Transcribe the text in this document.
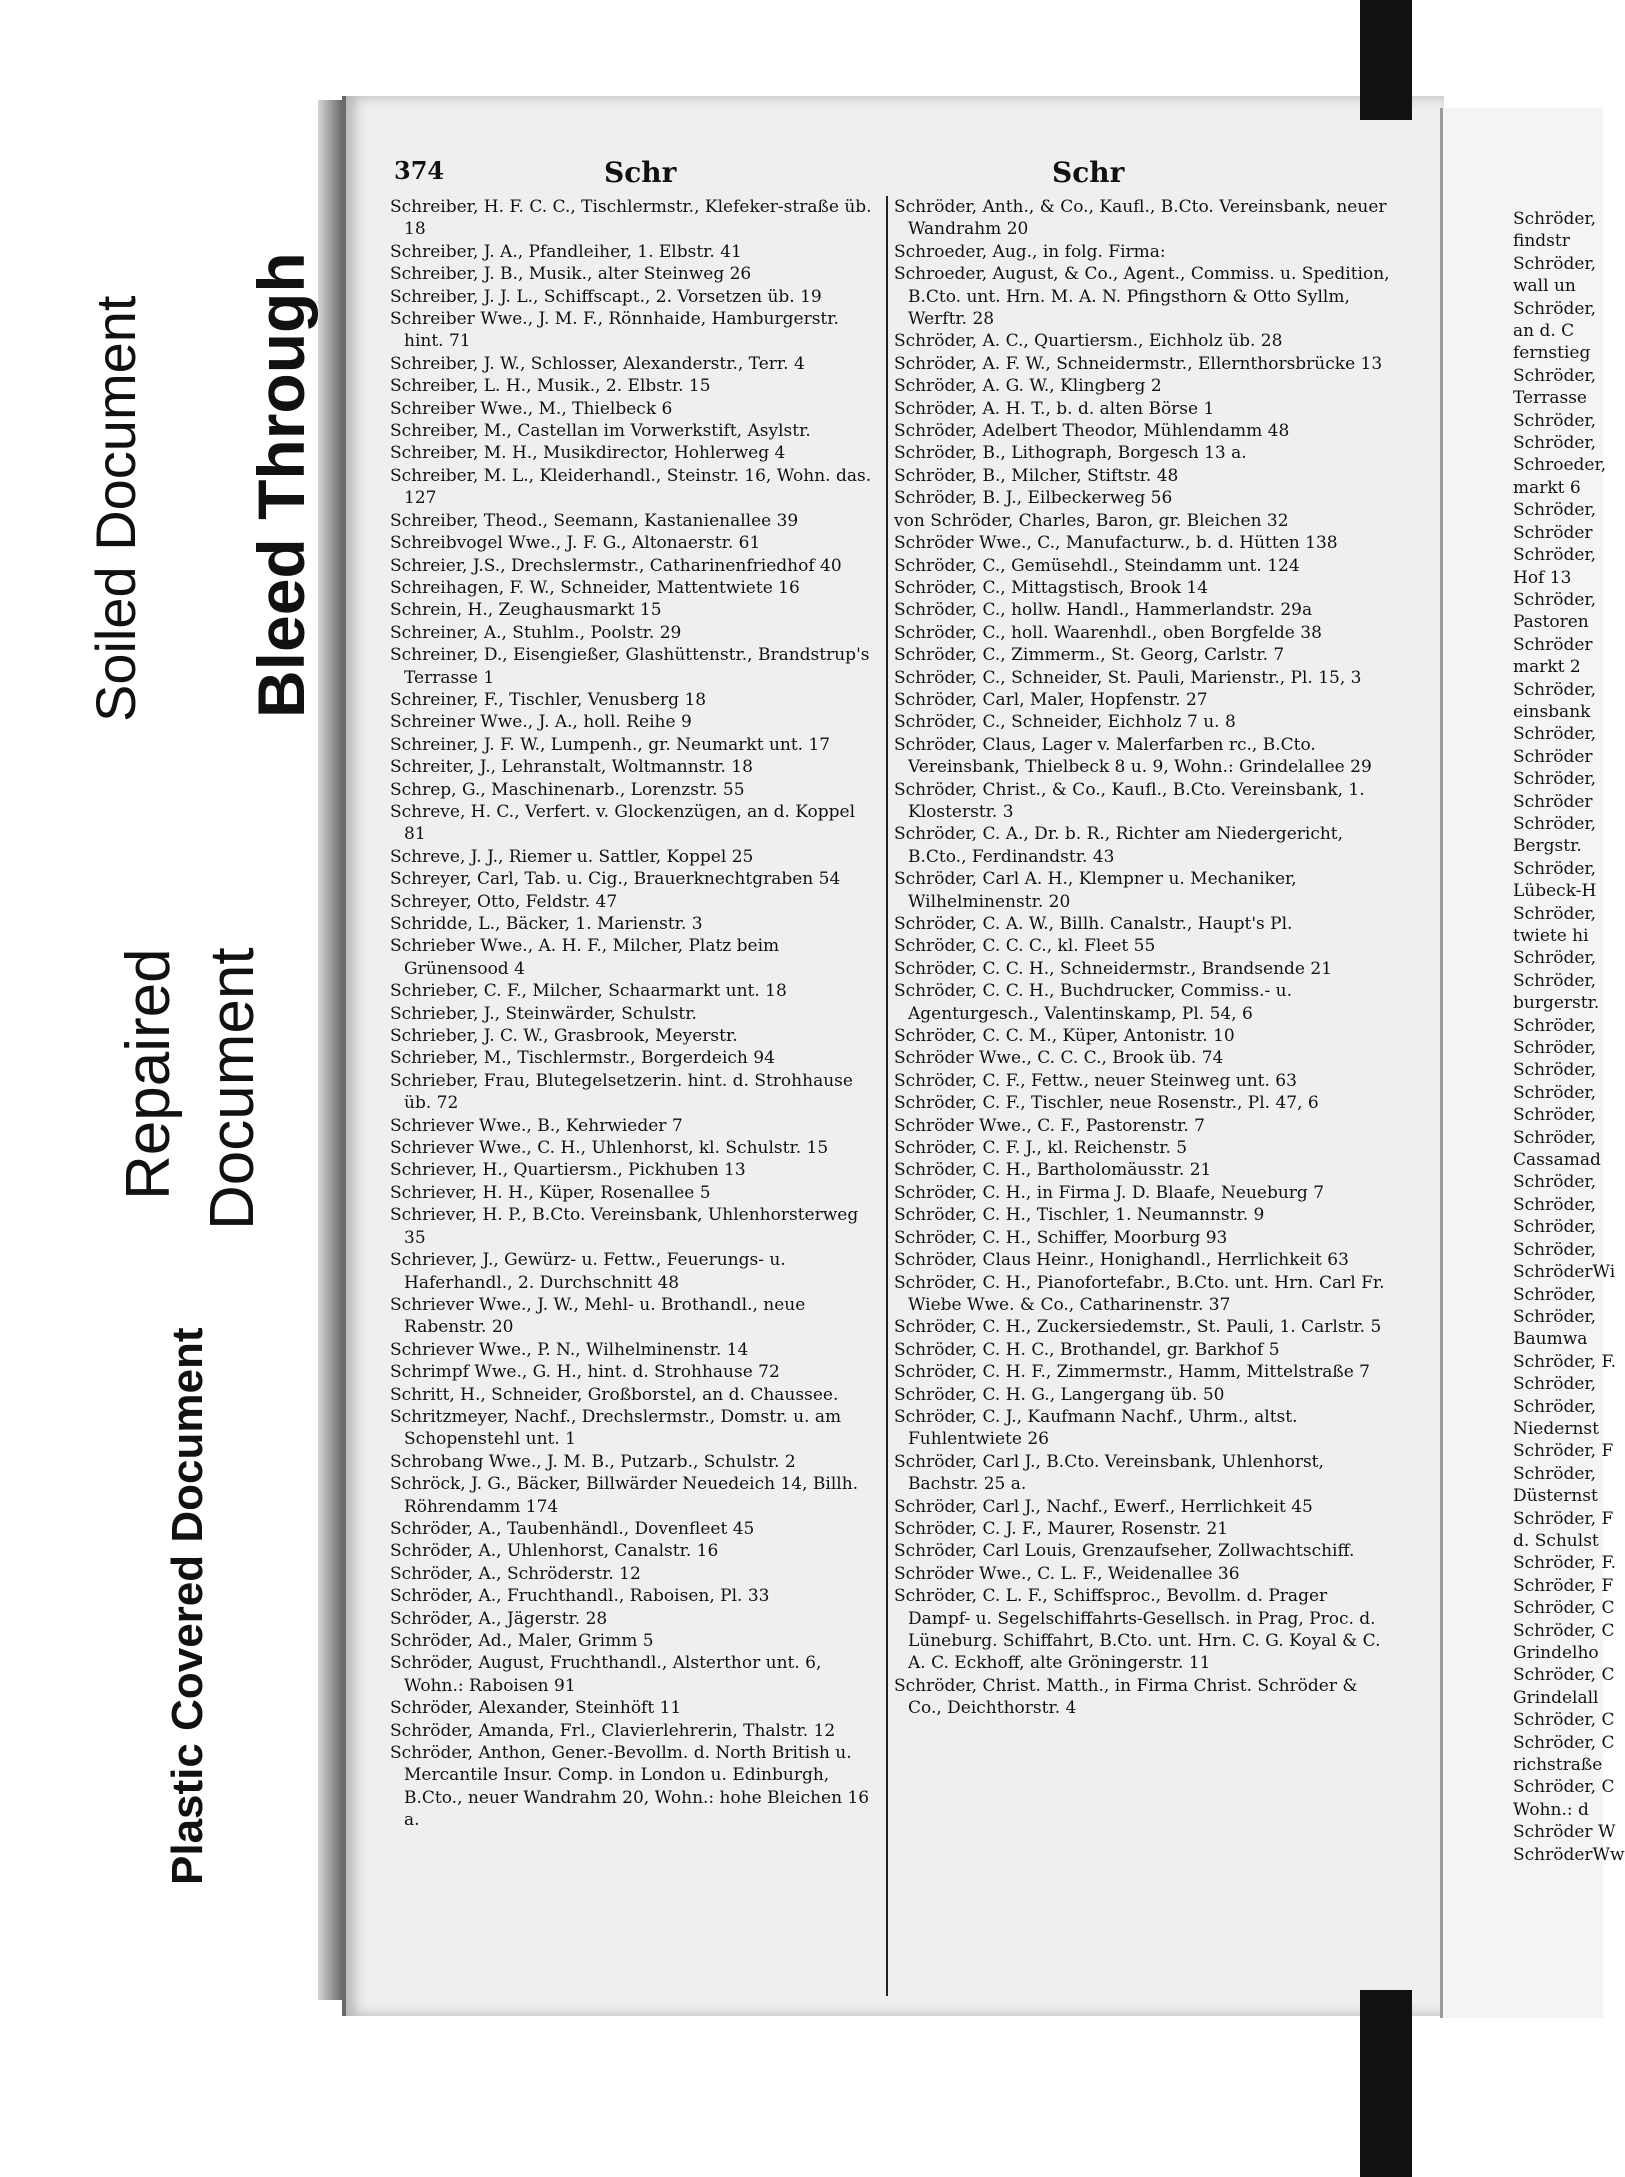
Soiled Document Bleed Through
Repaired Document
Plastic Covered Document
374	Schr	Schr

Schreiber, H. F. C. C., Tischlermstr., Klefeker-straße üb. 18

Schreiber, J. A., Pfandleiher, 1. Elbstr. 41

Schreiber, J. B., Musik., alter Steinweg 26

Schreiber, J. J. L., Schiffscapt., 2. Vorsetzen üb. 19

Schreiber Wwe., J. M. F., Rönnhaide, Hamburgerstr. hint. 71

Schreiber, J. W., Schlosser, Alexanderstr., Terr. 4

Schreiber, L. H., Musik., 2. Elbstr. 15

Schreiber Wwe., M., Thielbeck 6

Schreiber, M., Castellan im Vorwerkstift, Asylstr.

Schreiber, M. H., Musikdirector, Hohlerweg 4

Schreiber, M. L., Kleiderhandl., Steinstr. 16, Wohn. das. 127

Schreiber, Theod., Seemann, Kastanienallee 39

Schreibvogel Wwe., J. F. G., Altonaerstr. 61

Schreier, J.S., Drechslermstr., Catharinenfriedhof 40

Schreihagen, F. W., Schneider, Mattentwiete 16

Schrein, H., Zeughausmarkt 15

Schreiner, A., Stuhlm., Poolstr. 29

Schreiner, D., Eisengießer, Glashüttenstr., Brandstrup's Terrasse 1

Schreiner, F., Tischler, Venusberg 18

Schreiner Wwe., J. A., holl. Reihe 9

Schreiner, J. F. W., Lumpenh., gr. Neumarkt unt. 17

Schreiter, J., Lehranstalt, Woltmannstr. 18

Schrep, G., Maschinenarb., Lorenzstr. 55

Schreve, H. C., Verfert. v. Glockenzügen, an d. Koppel 81

Schreve, J. J., Riemer u. Sattler, Koppel 25

Schreyer, Carl, Tab. u. Cig., Brauerknechtgraben 54

Schreyer, Otto, Feldstr. 47

Schridde, L., Bäcker, 1. Marienstr. 3

Schrieber Wwe., A. H. F., Milcher, Platz beim Grünensood 4

Schrieber, C. F., Milcher, Schaarmarkt unt. 18

Schrieber, J., Steinwärder, Schulstr.

Schrieber, J. C. W., Grasbrook, Meyerstr.

Schrieber, M., Tischlermstr., Borgerdeich 94

Schrieber, Frau, Blutegelsetzerin. hint. d. Strohhause üb. 72

Schriever Wwe., B., Kehrwieder 7

Schriever Wwe., C. H., Uhlenhorst, kl. Schulstr. 15

Schriever, H., Quartiersm., Pickhuben 13

Schriever, H. H., Küper, Rosenallee 5

Schriever, H. P., B.Cto. Vereinsbank, Uhlenhorsterweg 35

Schriever, J., Gewürz- u. Fettw., Feuerungs- u. Haferhandl., 2. Durchschnitt 48

Schriever Wwe., J. W., Mehl- u. Brothandl., neue Rabenstr. 20

Schriever Wwe., P. N., Wilhelminenstr. 14

Schrimpf Wwe., G. H., hint. d. Strohhause 72

Schritt, H., Schneider, Großborstel, an d. Chaussee.

Schritzmeyer, Nachf., Drechslermstr., Domstr. u. am Schopenstehl unt. 1

Schrobang Wwe., J. M. B., Putzarb., Schulstr. 2

Schröck, J. G., Bäcker, Billwärder Neuedeich 14, Billh. Röhrendamm 174

Schröder, A., Taubenhändl., Dovenfleet 45

Schröder, A., Uhlenhorst, Canalstr. 16

Schröder, A., Schröderstr. 12

Schröder, A., Fruchthandl., Raboisen, Pl. 33

Schröder, A., Jägerstr. 28

Schröder, Ad., Maler, Grimm 5

Schröder, August, Fruchthandl., Alsterthor unt. 6, Wohn.: Raboisen 91

Schröder, Alexander, Steinhöft 11

Schröder, Amanda, Frl., Clavierlehrerin, Thalstr. 12

Schröder, Anthon, Gener.-Bevollm. d. North British u. Mercantile Insur. Comp. in London u. Edinburgh, B.Cto., neuer Wandrahm 20, Wohn.: hohe Bleichen 16 a.

Schröder, Anth., & Co., Kaufl., B.Cto. Vereinsbank, neuer Wandrahm 20

Schroeder, Aug., in folg. Firma:

Schroeder, August, & Co., Agent., Commiss. u. Spedition, B.Cto. unt. Hrn. M. A. N. Pfingsthorn & Otto Syllm, Werftr. 28

Schröder, A. C., Quartiersm., Eichholz üb. 28

Schröder, A. F. W., Schneidermstr., Ellernthorsbrücke 13

Schröder, A. G. W., Klingberg 2

Schröder, A. H. T., b. d. alten Börse 1

Schröder, Adelbert Theodor, Mühlendamm 48

Schröder, B., Lithograph, Borgesch 13 a.

Schröder, B., Milcher, Stiftstr. 48

Schröder, B. J., Eilbeckerweg 56

von Schröder, Charles, Baron, gr. Bleichen 32

Schröder Wwe., C., Manufacturw., b. d. Hütten 138

Schröder, C., Gemüsehdl., Steindamm unt. 124

Schröder, C., Mittagstisch, Brook 14

Schröder, C., hollw. Handl., Hammerlandstr. 29a

Schröder, C., holl. Waarenhdl., oben Borgfelde 38

Schröder, C., Zimmerm., St. Georg, Carlstr. 7

Schröder, C., Schneider, St. Pauli, Marienstr., Pl. 15, 3

Schröder, Carl, Maler, Hopfenstr. 27

Schröder, C., Schneider, Eichholz 7 u. 8

Schröder, Claus, Lager v. Malerfarben rc., B.Cto. Vereinsbank, Thielbeck 8 u. 9, Wohn.: Grindelallee 29

Schröder, Christ., & Co., Kaufl., B.Cto. Vereinsbank, 1. Klosterstr. 3

Schröder, C. A., Dr. b. R., Richter am Niedergericht, B.Cto., Ferdinandstr. 43

Schröder, Carl A. H., Klempner u. Mechaniker, Wilhelminenstr. 20

Schröder, C. A. W., Billh. Canalstr., Haupt's Pl.

Schröder, C. C. C., kl. Fleet 55

Schröder, C. C. H., Schneidermstr., Brandsende 21

Schröder, C. C. H., Buchdrucker, Commiss.- u. Agenturgesch., Valentinskamp, Pl. 54, 6

Schröder, C. C. M., Küper, Antonistr. 10

Schröder Wwe., C. C. C., Brook üb. 74

Schröder, C. F., Fettw., neuer Steinweg unt. 63

Schröder, C. F., Tischler, neue Rosenstr., Pl. 47, 6

Schröder Wwe., C. F., Pastorenstr. 7

Schröder, C. F. J., kl. Reichenstr. 5

Schröder, C. H., Bartholomäusstr. 21

Schröder, C. H., in Firma J. D. Blaafe, Neueburg 7

Schröder, C. H., Tischler, 1. Neumannstr. 9

Schröder, C. H., Schiffer, Moorburg 93

Schröder, Claus Heinr., Honighandl., Herrlichkeit 63

Schröder, C. H., Pianofortefabr., B.Cto. unt. Hrn. Carl Fr. Wiebe Wwe. & Co., Catharinenstr. 37

Schröder, C. H., Zuckersiedemstr., St. Pauli, 1. Carlstr. 5

Schröder, C. H. C., Brothandel, gr. Barkhof 5

Schröder, C. H. F., Zimmermstr., Hamm, Mittelstraße 7

Schröder, C. H. G., Langergang üb. 50

Schröder, C. J., Kaufmann Nachf., Uhrm., altst. Fuhlentwiete 26

Schröder, Carl J., B.Cto. Vereinsbank, Uhlenhorst, Bachstr. 25 a.

Schröder, Carl J., Nachf., Ewerf., Herrlichkeit 45

Schröder, C. J. F., Maurer, Rosenstr. 21

Schröder, Carl Louis, Grenzaufseher, Zollwachtschiff.

Schröder Wwe., C. L. F., Weidenallee 36

Schröder, C. L. F., Schiffsproc., Bevollm. d. Prager Dampf- u. Segelschiffahrts-Gesellsch. in Prag, Proc. d. Lüneburg. Schiffahrt, B.Cto. unt. Hrn. C. G. Koyal & C. A. C. Eckhoff, alte Gröningerstr. 11

Schröder, Christ. Matth., in Firma Christ. Schröder & Co., Deichthorstr. 4

Schröder,

findstr

Schröder,

wall un

Schröder,

an d. C

fernstieg

Schröder,

Terrasse

Schröder,

Schröder,

Schroeder,

markt 6

Schröder,

Schröder

Schröder,

Hof 13

Schröder,

Pastoren

Schröder

markt 2

Schröder,

einsbank

Schröder,

Schröder

Schröder,

Schröder

Schröder,

Bergstr.

Schröder,

Lübeck-H

Schröder,

twiete hi

Schröder,

Schröder,

burgerstr.

Schröder,

Schröder,

Schröder,

Schröder,

Schröder,

Schröder,

Cassamad

Schröder,

Schröder,

Schröder,

Schröder,

SchröderWi

Schröder,

Schröder,

Baumwa

Schröder, F.

Schröder,

Schröder,

Niedernst

Schröder, F

Schröder,

Düsternst

Schröder, F

d. Schulst

Schröder, F.

Schröder, F

Schröder, C

Schröder, C

Grindelho

Schröder, C

Grindelall

Schröder, C

Schröder, C

richstraße

Schröder, C

Wohn.: d

Schröder W

SchröderWw
